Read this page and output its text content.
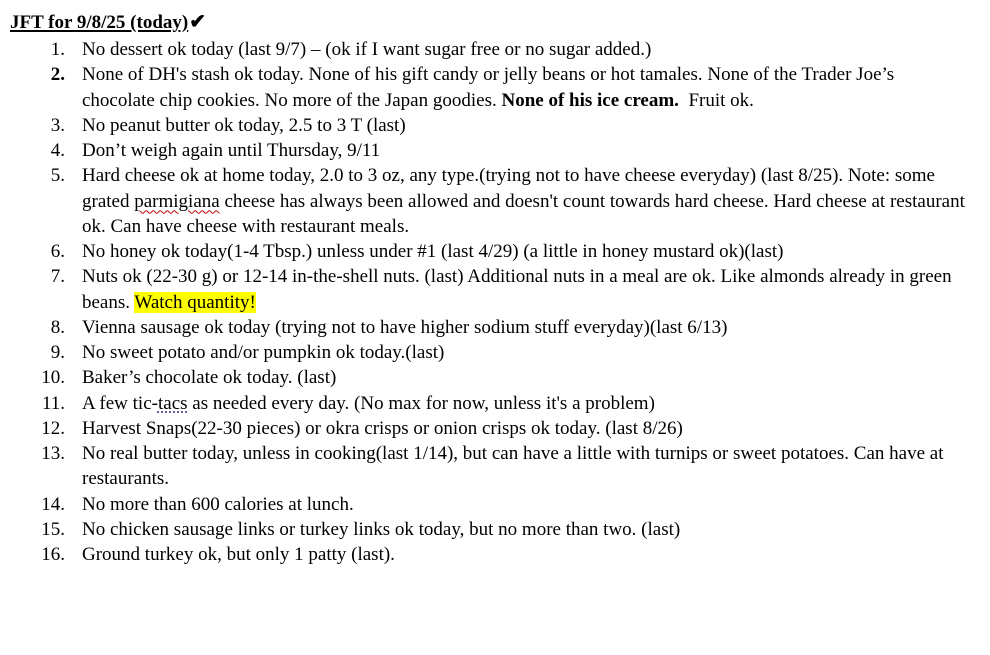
JFT for 9/8/25 (today)✔
1. No dessert ok today (last 9/7) – (ok if I want sugar free or no sugar added.)
2. None of DH's stash ok today. None of his gift candy or jelly beans or hot tamales. None of the Trader Joe’s chocolate chip cookies. No more of the Japan goodies. None of his ice cream.  Fruit ok.
3. No peanut butter ok today, 2.5 to 3 T (last)
4. Don’t weigh again until Thursday, 9/11
5. Hard cheese ok at home today, 2.0 to 3 oz, any type.(trying not to have cheese everyday) (last 8/25). Note: some grated parmigiana cheese has always been allowed and doesn't count towards hard cheese. Hard cheese at restaurant ok. Can have cheese with restaurant meals.
6. No honey ok today(1-4 Tbsp.) unless under #1 (last 4/29) (a little in honey mustard ok)(last)
7. Nuts ok (22-30 g) or 12-14 in-the-shell nuts. (last) Additional nuts in a meal are ok. Like almonds already in green beans. Watch quantity!
8. Vienna sausage ok today (trying not to have higher sodium stuff everyday)(last 6/13)
9. No sweet potato and/or pumpkin ok today.(last)
10. Baker’s chocolate ok today. (last)
11. A few tic-tacs as needed every day. (No max for now, unless it's a problem)
12. Harvest Snaps(22-30 pieces) or okra crisps or onion crisps ok today. (last 8/26)
13. No real butter today, unless in cooking(last 1/14), but can have a little with turnips or sweet potatoes. Can have at restaurants.
14. No more than 600 calories at lunch.
15. No chicken sausage links or turkey links ok today, but no more than two. (last)
16. Ground turkey ok, but only 1 patty (last).
